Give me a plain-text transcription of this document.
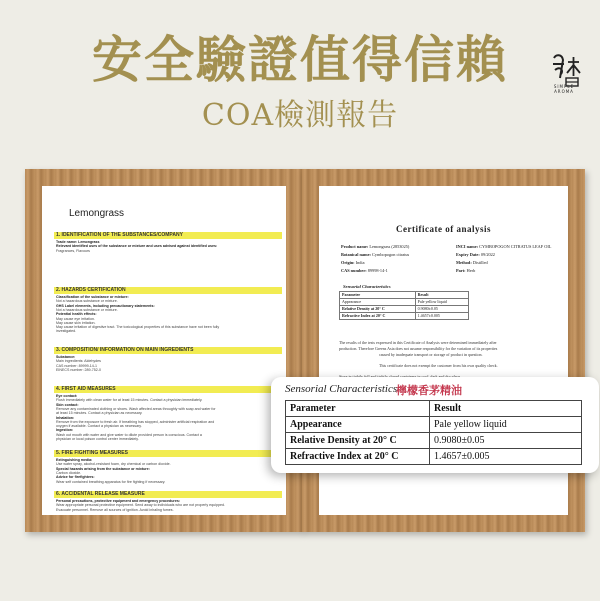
安全驗證值得信賴
COA檢測報告
SIMPLE AROMA
Lemongrass
1. IDENTIFICATION OF THE SUBSTANCES/COMPANY
Trade name: Lemongrass
Relevant identified uses of the substance or mixture and uses advised against identified uses:
Fragrances, Flavours
2. HAZARDS CERTIFICATION
Classification of the substance or mixture:
Not a hazardous substance or mixture.
GHS Label elements, including precautionary statements:
Not a hazardous substance or mixture.
Potential health effects:
May cause eye irritation.
May cause skin irritation.
May cause irritation of digestive tract. The toxicological properties of this substance have not been fully
investigated.
3. COMPOSITION/ INFORMATION ON MAIN INGREDIENTS
Substance:
Main ingredients: Aldehydes
CAS number: 89999-14-1
EINECS number: 289-752-0
4. FIRST AID MEASURES
Eye contact:
Flush immediately with clean water for at least 15 minutes. Contact a physician immediately.
Skin contact:
Remove any contaminated clothing or shoes. Wash affected areas throughly with soap and water for
at least 15 minutes. Contact a physician as necessary.
Inhalation:
Remove from the exposure to fresh air. If breathing has stopped, administer artificial respiration and
oxygen if available. Contact a physician as necessary.
Ingestion:
Wash out mouth with water and give water to dilute provided person is conscious. Contact a
physician or local poison control center immediately.
5. FIRE FIGHTING MEASURES
Extinguishing media:
Use water spray, alcohol-resistant foam, dry chemical or carbon dioxide.
Special hazards arising from the substance or mixture:
Carbon dioxide.
Advice for firefighters:
Wear self contained breathing apparatus for fire fighting if necessary.
6. ACCIDENTAL RELEASE MEASURE
Personal precautions, protective equipment and emergency procedures:
Wear appropriate personal protective equipment. Send away to individuals who are not properly equipped.
Evacuate personnel. Remove all sources of ignition. Avoid inhaling fumes.
Certificate of analysis
Sensorial Characteristics
Parameter	Result
Appearance	Pale yellow liquid
Relative Density at 20° C	0.9080±0.05
Refractive Index at 20° C	1.4657±0.005
Product name: Lemongrass (2853025)
Botanical name: Cymbopogon citratus
Origin: India
CAS number: 89998-14-1
INCI name: CYMBOPOGON CITRATUS LEAF OIL
Expiry Date: 09/2022
Method: Distilled
Part: Herb
The results of the tests expressed in this Certificate of Analysis were determined immediately after
production. Therefore Greens Asia does not assume responsibility for the variation of its properties
caused by inadequate transport or storage of product in question.
This certificate does not exempt the customer from his own quality check.
Sensorial Characteristics
檸檬香茅精油
Parameter	Result
Appearance	Pale yellow liquid
Relative Density at 20° C	0.9080±0.05
Refractive Index at 20° C	1.4657±0.005
